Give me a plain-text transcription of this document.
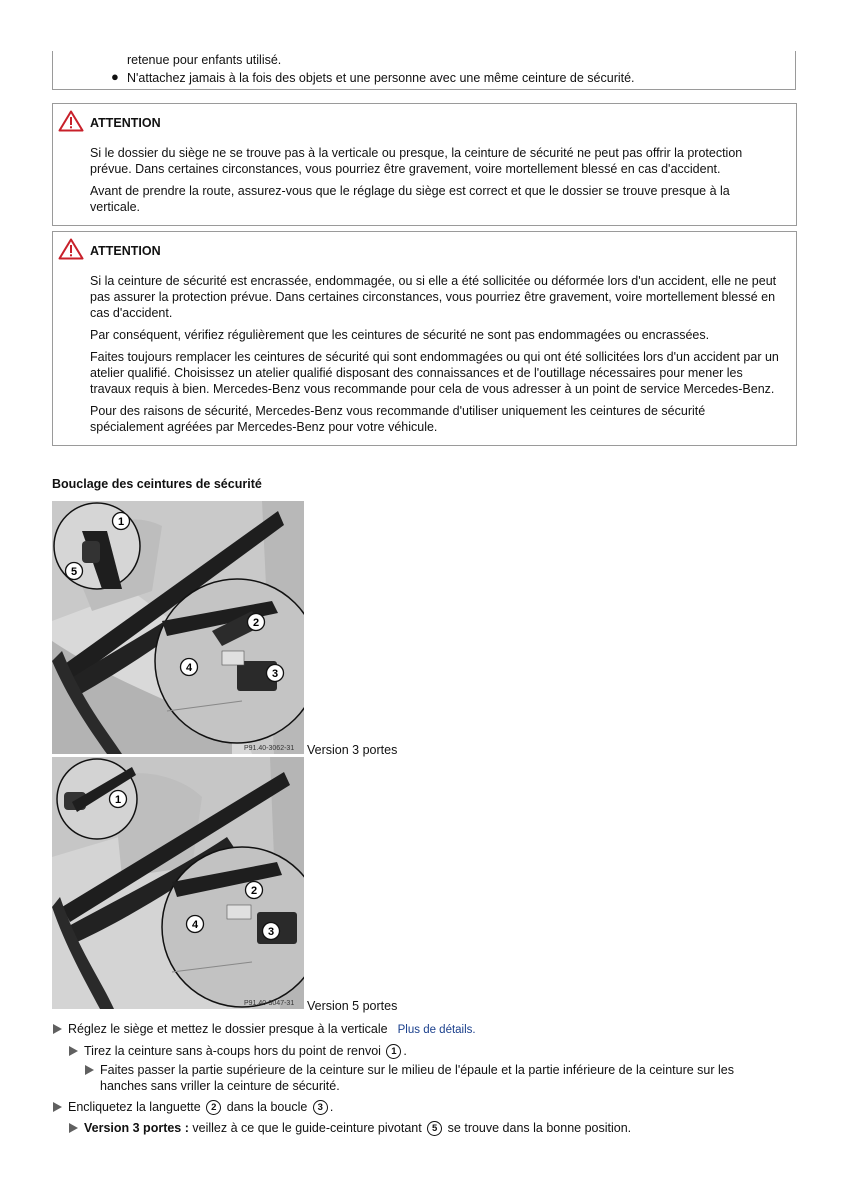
retenue pour enfants utilisé.
● N'attachez jamais à la fois des objets et une personne avec une même ceinture de sécurité.
ATTENTION

Si le dossier du siège ne se trouve pas à la verticale ou presque, la ceinture de sécurité ne peut pas offrir la protection prévue. Dans certaines circonstances, vous pourriez être gravement, voire mortellement blessé en cas d'accident.

Avant de prendre la route, assurez-vous que le réglage du siège est correct et que le dossier se trouve presque à la verticale.

ATTENTION

Si la ceinture de sécurité est encrassée, endommagée, ou si elle a été sollicitée ou déformée lors d'un accident, elle ne peut pas assurer la protection prévue. Dans certaines circonstances, vous pourriez être gravement, voire mortellement blessé en cas d'accident.

Par conséquent, vérifiez régulièrement que les ceintures de sécurité ne sont pas endommagées ou encrassées.

Faites toujours remplacer les ceintures de sécurité qui sont endommagées ou qui ont été sollicitées lors d'un accident par un atelier qualifié. Choisissez un atelier qualifié disposant des connaissances et de l'outillage nécessaires pour mener les travaux requis à bien. Mercedes-Benz vous recommande pour cela de vous adresser à un point de service Mercedes-Benz.

Pour des raisons de sécurité, Mercedes-Benz vous recommande d'utiliser uniquement les ceintures de sécurité spécialement agréées par Mercedes-Benz pour votre véhicule.

Bouclage des ceintures de sécurité
1
5
2
4	3
P91.40-3062-31 Version 3 portes
1
2
4
3
P91.40-3047-31 Version 5 portes
Réglez le siège et mettez le dossier presque à la verticale Plus de détails.
Tirez la ceinture sans à-coups hors du point de renvoi 1 .
Faites passer la partie supérieure de la ceinture sur le milieu de l'épaule et la partie inférieure de la ceinture sur les
hanches sans vriller la ceinture de sécurité.
Encliquetez la languette 2 dans la boucle 3 .
Version 3 portes : veillez à ce que le guide-ceinture pivotant 5 se trouve dans la bonne position.
